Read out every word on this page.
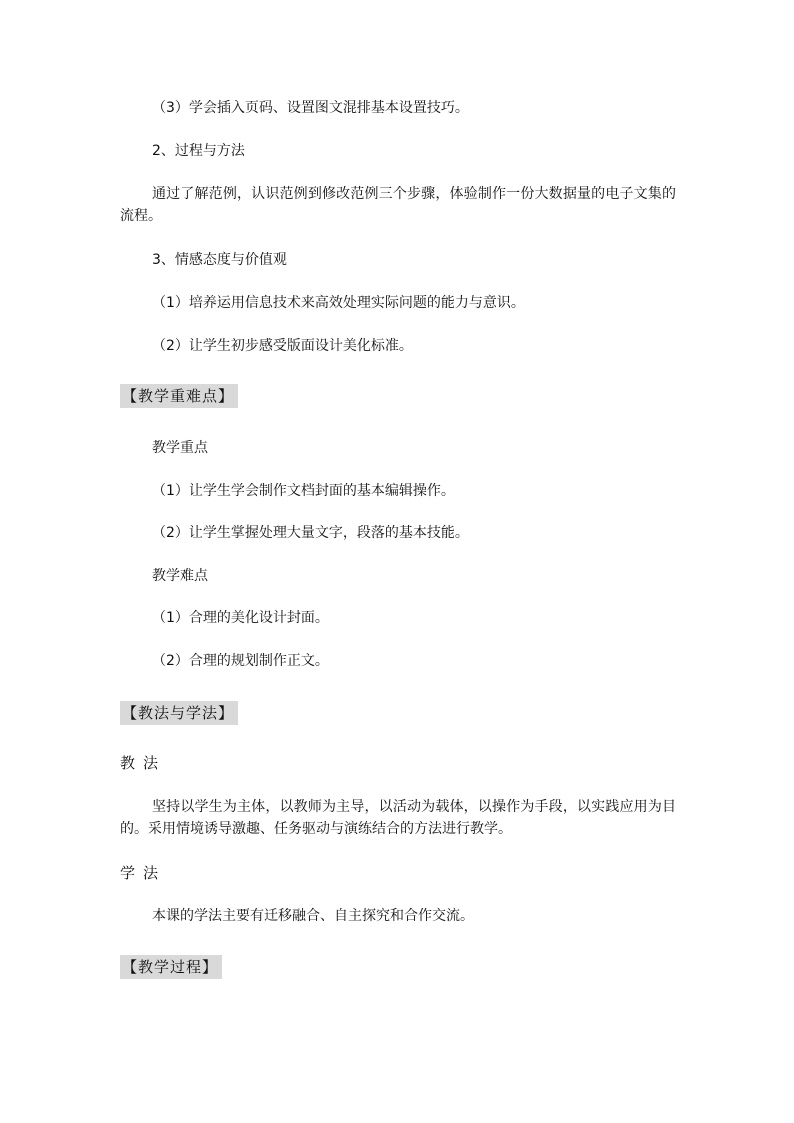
（3）学会插入页码、设置图文混排基本设置技巧。
2、过程与方法
通过了解范例，认识范例到修改范例三个步骤，体验制作一份大数据量的电子文集的流程。
3、情感态度与价值观
（1）培养运用信息技术来高效处理实际问题的能力与意识。
（2）让学生初步感受版面设计美化标准。
【教学重难点】
教学重点
（1）让学生学会制作文档封面的基本编辑操作。
（2）让学生掌握处理大量文字，段落的基本技能。
教学难点
（1）合理的美化设计封面。
（2）合理的规划制作正文。
【教法与学法】
教法
坚持以学生为主体，以教师为主导，以活动为载体，以操作为手段，以实践应用为目的。采用情境诱导激趣、任务驱动与演练结合的方法进行教学。
学法
本课的学法主要有迁移融合、自主探究和合作交流。
【教学过程】
